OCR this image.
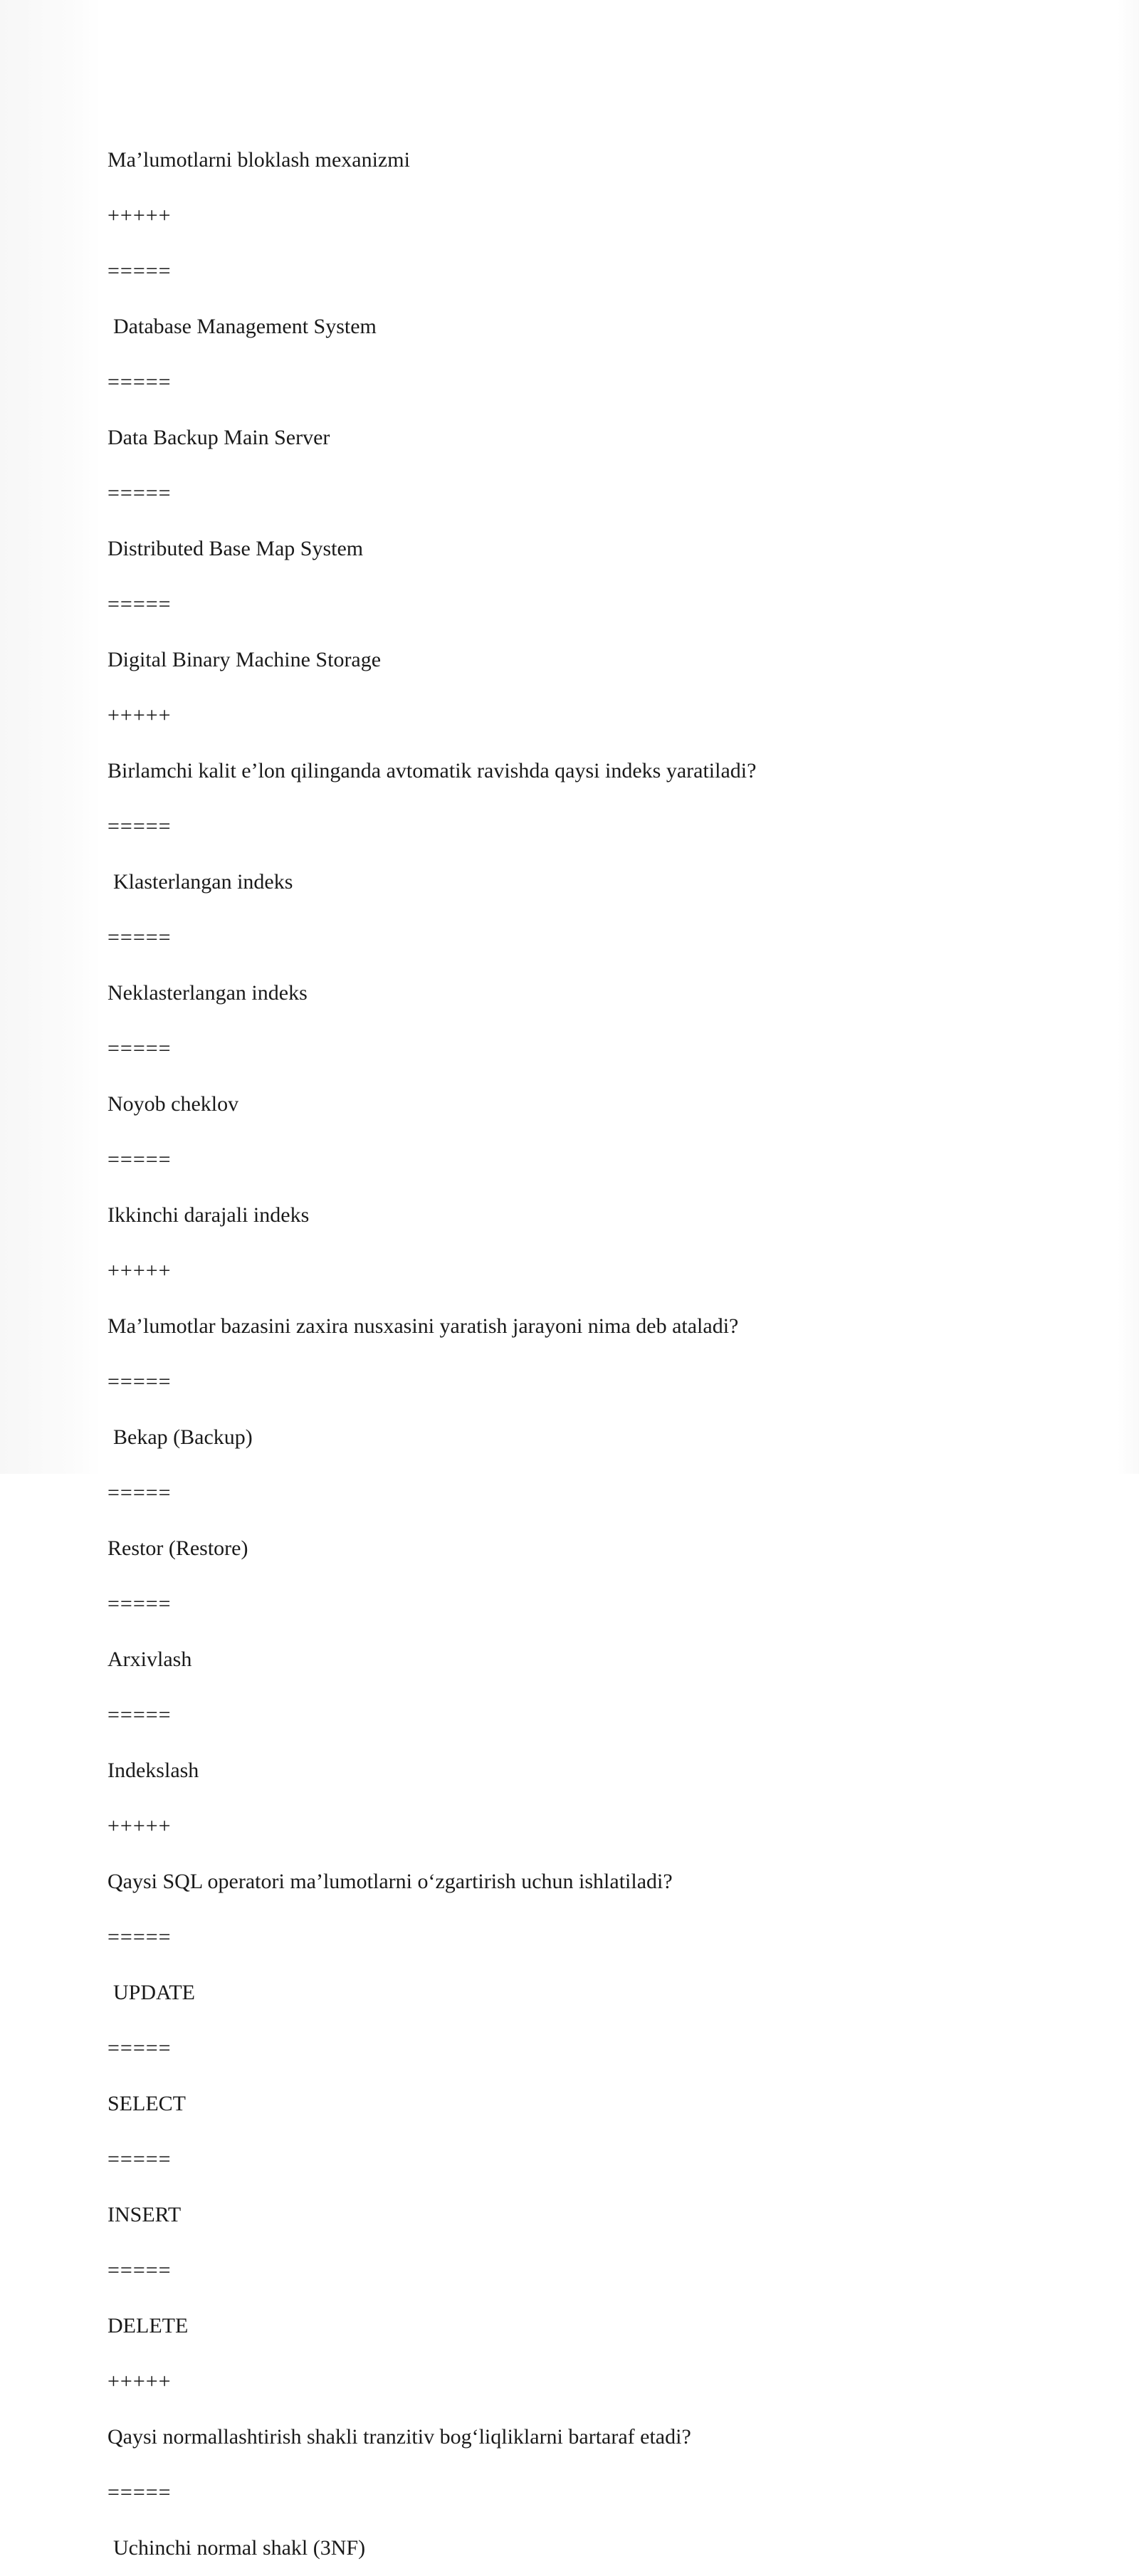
Ma’lumotlarni bloklash mexanizmi
+++++
=====
Database Management System
=====
Data Backup Main Server
=====
Distributed Base Map System
=====
Digital Binary Machine Storage
+++++
Birlamchi kalit e’lon qilinganda avtomatik ravishda qaysi indeks yaratiladi?
=====
Klasterlangan indeks
=====
Neklasterlangan indeks
=====
Noyob cheklov
=====
Ikkinchi darajali indeks
+++++
Ma’lumotlar bazasini zaxira nusxasini yaratish jarayoni nima deb ataladi?
=====
Bekap (Backup)
=====
Restor (Restore)
=====
Arxivlash
=====
Indekslash
+++++
Qaysi SQL operatori ma’lumotlarni o‘zgartirish uchun ishlatiladi?
=====
UPDATE
=====
SELECT
=====
INSERT
=====
DELETE
+++++
Qaysi normallashtirish shakli tranzitiv bog‘liqliklarni bartaraf etadi?
=====
Uchinchi normal shakl (3NF)
